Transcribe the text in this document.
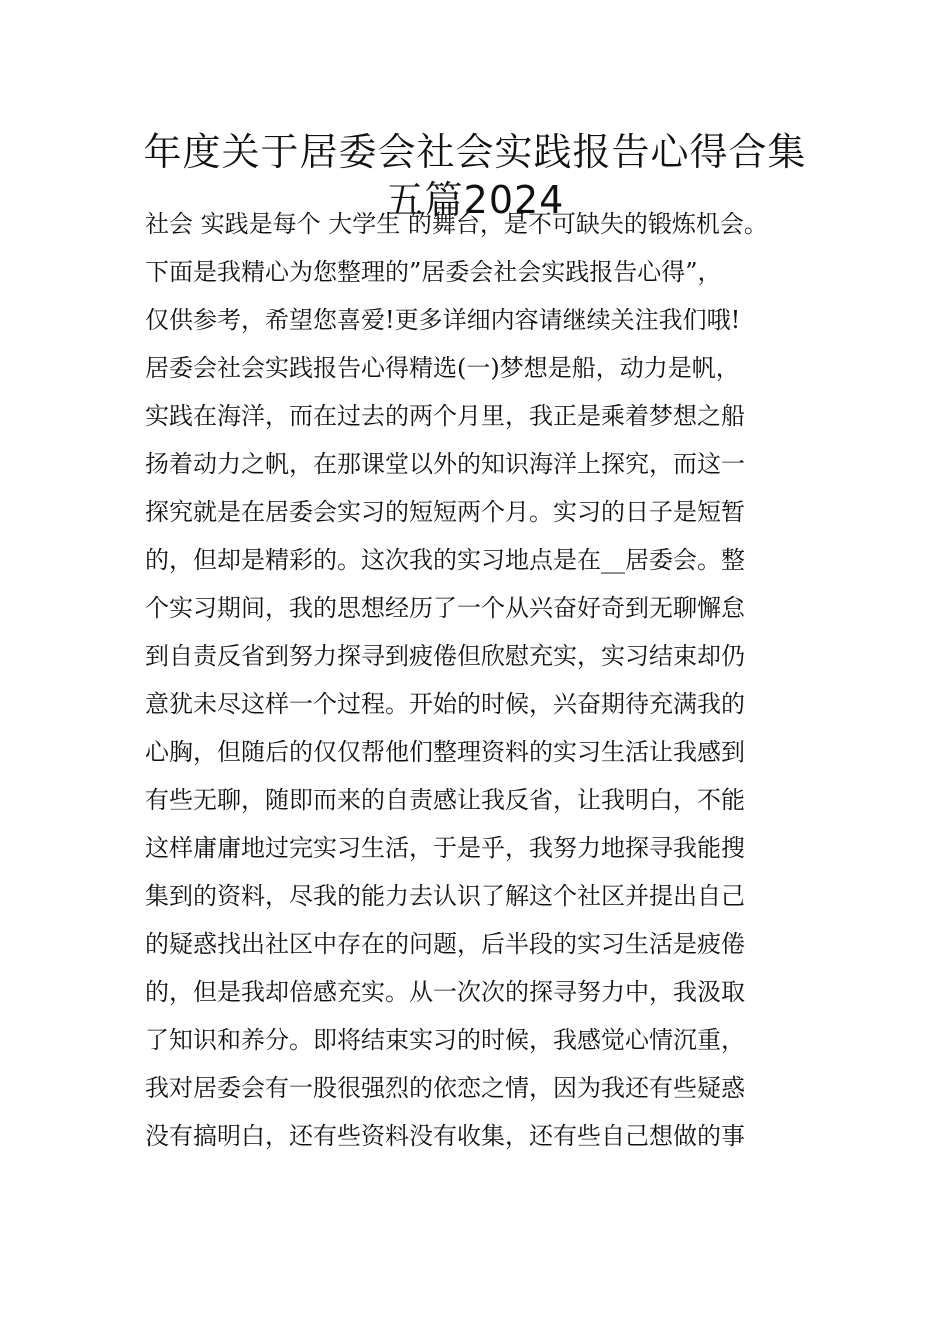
年度关于居委会社会实践报告心得合集
五篇2024
社会 实践是每个 大学生 的舞台，是不可缺失的锻炼机会。
下面是我精心为您整理的”居委会社会实践报告心得”，
仅供参考，希望您喜爱!更多详细内容请继续关注我们哦!
居委会社会实践报告心得精选(一)梦想是船，动力是帆，
实践在海洋，而在过去的两个月里，我正是乘着梦想之船
扬着动力之帆，在那课堂以外的知识海洋上探究，而这一
探究就是在居委会实习的短短两个月。实习的日子是短暂
的，但却是精彩的。这次我的实习地点是在__居委会。整
个实习期间，我的思想经历了一个从兴奋好奇到无聊懈怠
到自责反省到努力探寻到疲倦但欣慰充实，实习结束却仍
意犹未尽这样一个过程。开始的时候，兴奋期待充满我的
心胸，但随后的仅仅帮他们整理资料的实习生活让我感到
有些无聊，随即而来的自责感让我反省，让我明白，不能
这样庸庸地过完实习生活，于是乎，我努力地探寻我能搜
集到的资料，尽我的能力去认识了解这个社区并提出自己
的疑惑找出社区中存在的问题，后半段的实习生活是疲倦
的，但是我却倍感充实。从一次次的探寻努力中，我汲取
了知识和养分。即将结束实习的时候，我感觉心情沉重，
我对居委会有一股很强烈的依恋之情，因为我还有些疑惑
没有搞明白，还有些资料没有收集，还有些自己想做的事
